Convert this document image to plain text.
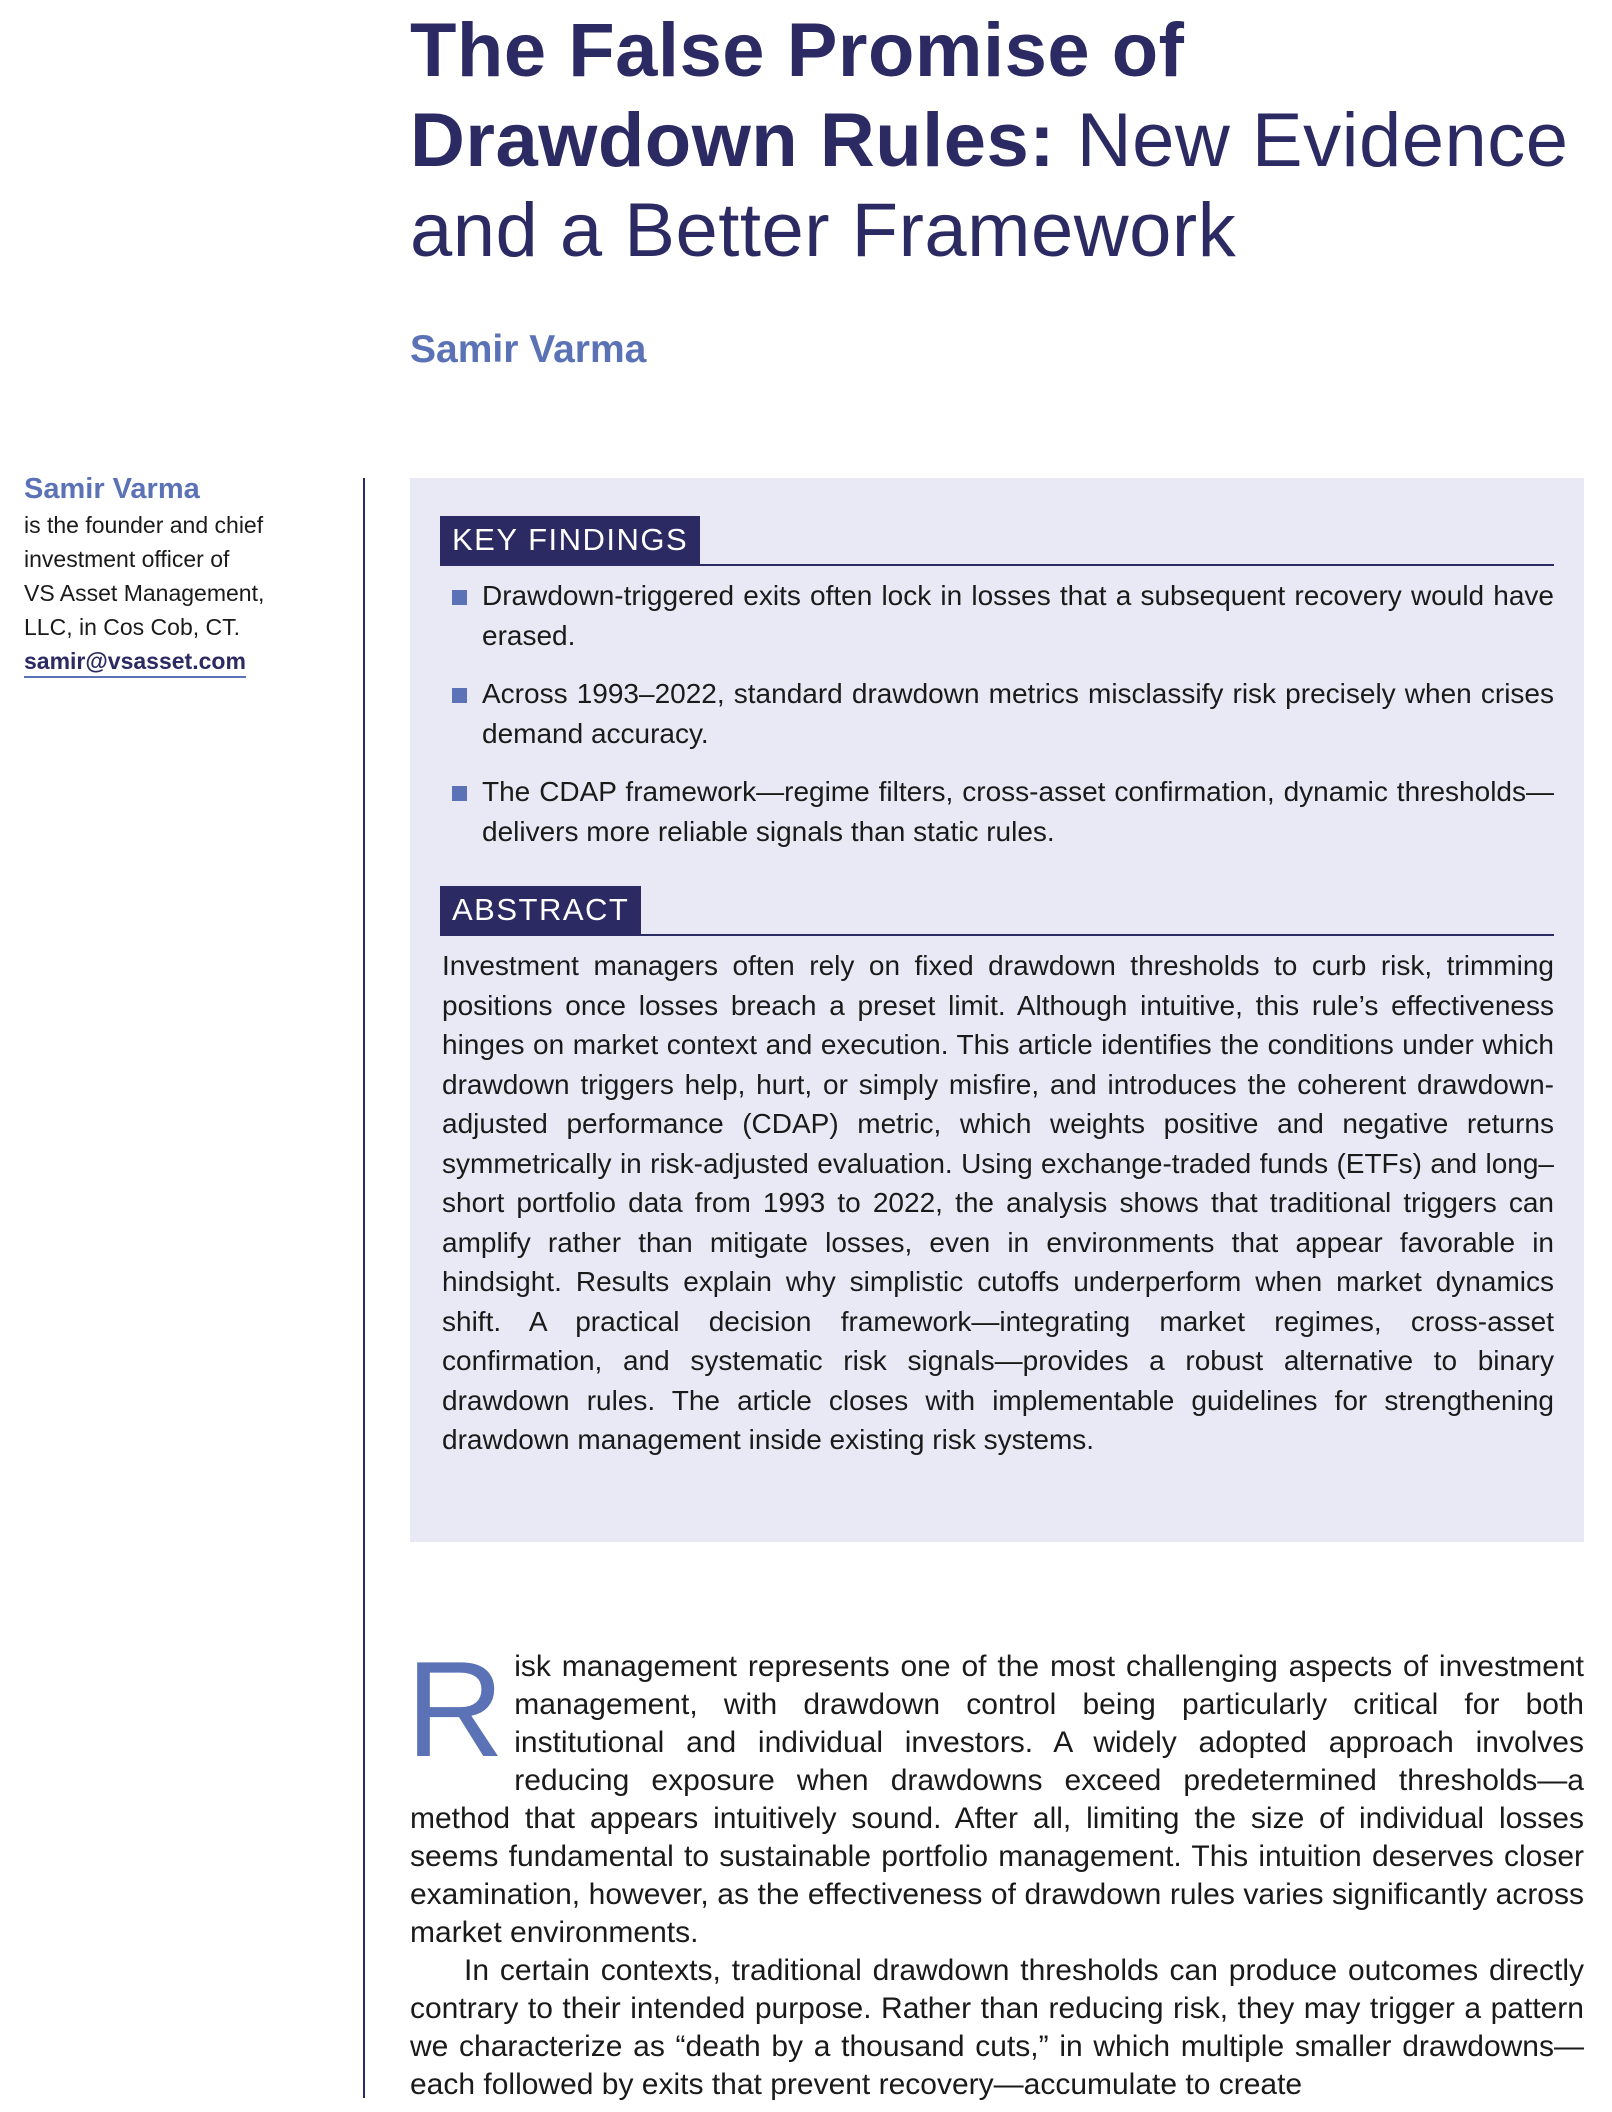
The False Promise of Drawdown Rules: New Evidence and a Better Framework
Samir Varma
Samir Varma
is the founder and chief
investment officer of
VS Asset Management,
LLC, in Cos Cob, CT.
samir@vsasset.com
KEY FINDINGS
Drawdown-triggered exits often lock in losses that a subsequent recovery would have erased.
Across 1993–2022, standard drawdown metrics misclassify risk precisely when crises demand accuracy.
The CDAP framework—regime filters, cross-asset confirmation, dynamic thresholds—delivers more reliable signals than static rules.
ABSTRACT

Investment managers often rely on fixed drawdown thresholds to curb risk, trimming positions once losses breach a preset limit. Although intuitive, this rule’s effectiveness hinges on market context and execution. This article identifies the conditions under which drawdown triggers help, hurt, or simply misfire, and introduces the coherent drawdown-adjusted performance (CDAP) metric, which weights positive and negative returns symmetrically in risk-adjusted evaluation. Using exchange-traded funds (ETFs) and long–short portfolio data from 1993 to 2022, the analysis shows that traditional triggers can amplify rather than mitigate losses, even in environments that appear favorable in hindsight. Results explain why simplistic cutoffs underperform when market dynamics shift. A practical decision framework—integrating market regimes, cross-asset confirmation, and systematic risk signals—provides a robust alternative to binary drawdown rules. The article closes with implementable guidelines for strengthening drawdown management inside existing risk systems.

R isk management represents one of the most challenging aspects of investment management, with drawdown control being particularly critical for both institutional and individual investors. A widely adopted approach involves reducing exposure when drawdowns exceed predetermined thresholds—a method that appears intuitively sound. After all, limiting the size of individual losses seems fundamental to sustainable portfolio management. This intuition deserves closer examination, however, as the effectiveness of drawdown rules varies significantly across market environments.

In certain contexts, traditional drawdown thresholds can produce outcomes directly contrary to their intended purpose. Rather than reducing risk, they may trigger a pattern we characterize as “death by a thousand cuts,” in which multiple smaller drawdowns—each followed by exits that prevent recovery—accumulate to create
